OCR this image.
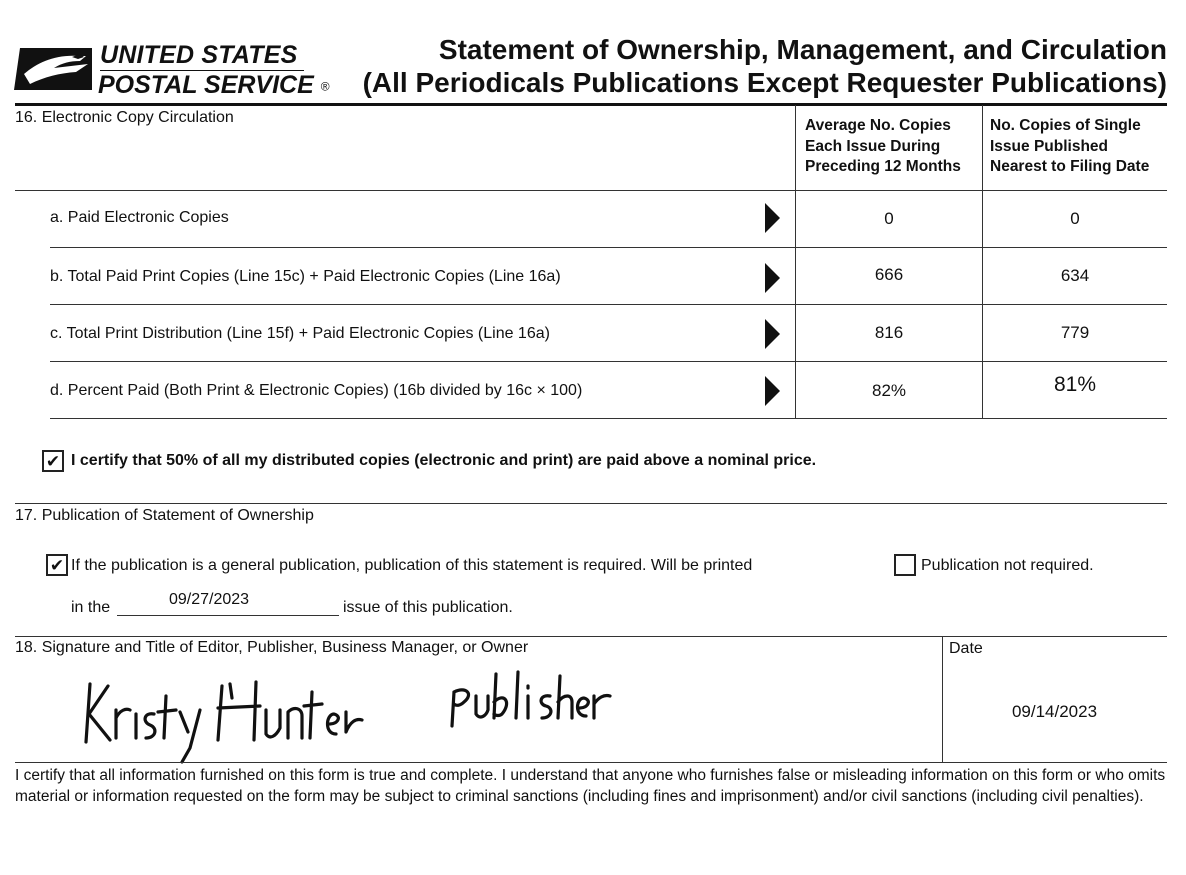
UNITED STATES
POSTAL SERVICE ®
Statement of Ownership, Management, and Circulation
(All Periodicals Publications Except Requester Publications)
16. Electronic Copy Circulation	Average No. Copies
Each Issue During
Preceding 12 Months
No. Copies of Single
Issue Published
Nearest to Filing Date
a. Paid Electronic Copies	0	0
b. Total Paid Print Copies (Line 15c) + Paid Electronic Copies (Line 16a)	666	634
c. Total Print Distribution (Line 15f) + Paid Electronic Copies (Line 16a)	816	779
d. Percent Paid (Both Print & Electronic Copies) (16b divided by 16c × 100)	82%	81%
✔ I certify that 50% of all my distributed copies (electronic and print) are paid above a nominal price.
17. Publication of Statement of Ownership
✔ If the publication is a general publication, publication of this statement is required. Will be printed	Publication not required.
in the	09/27/2023	issue of this publication.
18. Signature and Title of Editor, Publisher, Business Manager, or Owner	Date
09/14/2023
I certify that all information furnished on this form is true and complete. I understand that anyone who furnishes false or misleading information on this form or who omits material or information requested on the form may be subject to criminal sanctions (including fines and imprisonment) and/or civil sanctions (including civil penalties).
